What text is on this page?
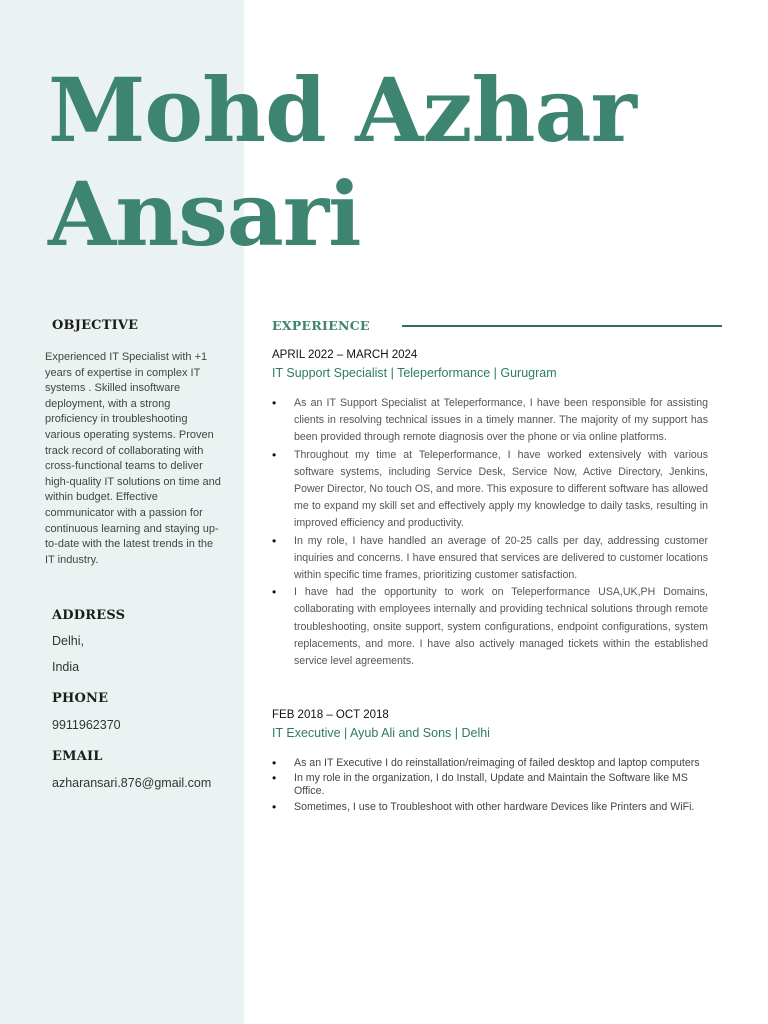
Mohd Azhar
Ansari
OBJECTIVE

Experienced IT Specialist with +1 years of expertise in complex IT systems . Skilled insoftware deployment, with a strong proficiency in troubleshooting various operating systems. Proven track record of collaborating with cross-functional teams to deliver high-quality IT solutions on time and within budget. Effective communicator with a passion for continuous learning and staying up-to-date with the latest trends in the IT industry.

ADDRESS

Delhi,

India

PHONE

9911962370

EMAIL

azharansari.876@gmail.com

EXPERIENCE

APRIL 2022 – MARCH 2024

IT Support Specialist | Teleperformance | Gurugram

• As an IT Support Specialist at Teleperformance, I have been responsible for assisting clients in resolving technical issues in a timely manner. The majority of my support has been provided through remote diagnosis over the phone or via online platforms.
• Throughout my time at Teleperformance, I have worked extensively with various software systems, including Service Desk, Service Now, Active Directory, Jenkins, Power Director, No touch OS, and more. This exposure to different software has allowed me to expand my skill set and effectively apply my knowledge to daily tasks, resulting in improved efficiency and productivity.
• In my role, I have handled an average of 20-25 calls per day, addressing customer inquiries and concerns. I have ensured that services are delivered to customer locations within specific time frames, prioritizing customer satisfaction.
• I have had the opportunity to work on Teleperformance USA,UK,PH Domains, collaborating with employees internally and providing technical solutions through remote troubleshooting, onsite support, system configurations, endpoint configurations, system replacements, and more. I have also actively managed tickets within the established service level agreements.

FEB 2018 – OCT 2018

IT Executive | Ayub Ali and Sons | Delhi

• As an IT Executive I do reinstallation/reimaging of failed desktop and laptop computers
• In my role in the organization, I do Install, Update and Maintain the Software like MS Office.
• Sometimes, I use to Troubleshoot with other hardware Devices like Printers and WiFi.
